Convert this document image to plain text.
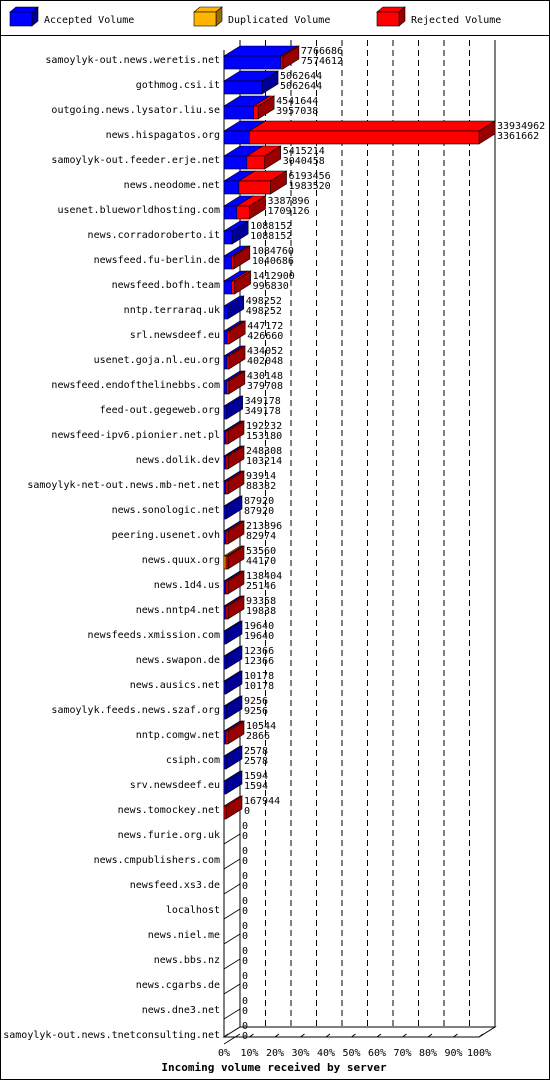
Accepted Volume	Duplicated Volume	Rejected Volume
samoylyk-out.news.weretis.net
gothmog.csi.it
outgoing.news.lysator.liu.se
news.hispagatos.org
samoylyk-out.feeder.erje.net
news.neodome.net
usenet.blueworldhosting.com
news.corradoroberto.it
newsfeed.fu-berlin.de
newsfeed.bofh.team
nntp.terraraq.uk
srl.newsdeef.eu
usenet.goja.nl.eu.org
newsfeed.endofthelinebbs.com
feed-out.gegeweb.org
newsfeed-ipv6.pionier.net.pl
news.dolik.dev
samoylyk-net-out.news.mb-net.net
news.sonologic.net
peering.usenet.ovh
news.quux.org
news.1d4.us
news.nntp4.net
newsfeeds.xmission.com
news.swapon.de
news.ausics.net
samoylyk.feeds.news.szaf.org
nntp.comgw.net
csiph.com
srv.newsdeef.eu
news.tomockey.net
news.furie.org.uk
news.cmpublishers.com
newsfeed.xs3.de
localhost
news.niel.me
news.bbs.nz
news.cgarbs.de
news.dne3.net
samoylyk-out.news.tnetconsulting.net
7766686
7574612
5062644
5062644
4541644
3957038
33934962
3361662
5415214
3040458
6193456
1983520
3387896
1709126
1088152
1088152
1084760
1040686
1412900
996830
498252
498252
447172
426660
434052
402048
430148
379708
349178
349178
192232
153180
248308
103214
93914
88382
87920
87920
213896
82974
53560
44170
138404
25146
93358
19838
19640
19640
12366
12366
10178
10178
9256
9256
10544
2866
2578
2578
1594
1594
167944
0
0
0
0
0
0
0
0
0
0
0
0
0
0
0
0
0
0
0
0% 10% 20% 30% 40% 50% 60% 70% 80% 90% 100%
Incoming volume received by server
